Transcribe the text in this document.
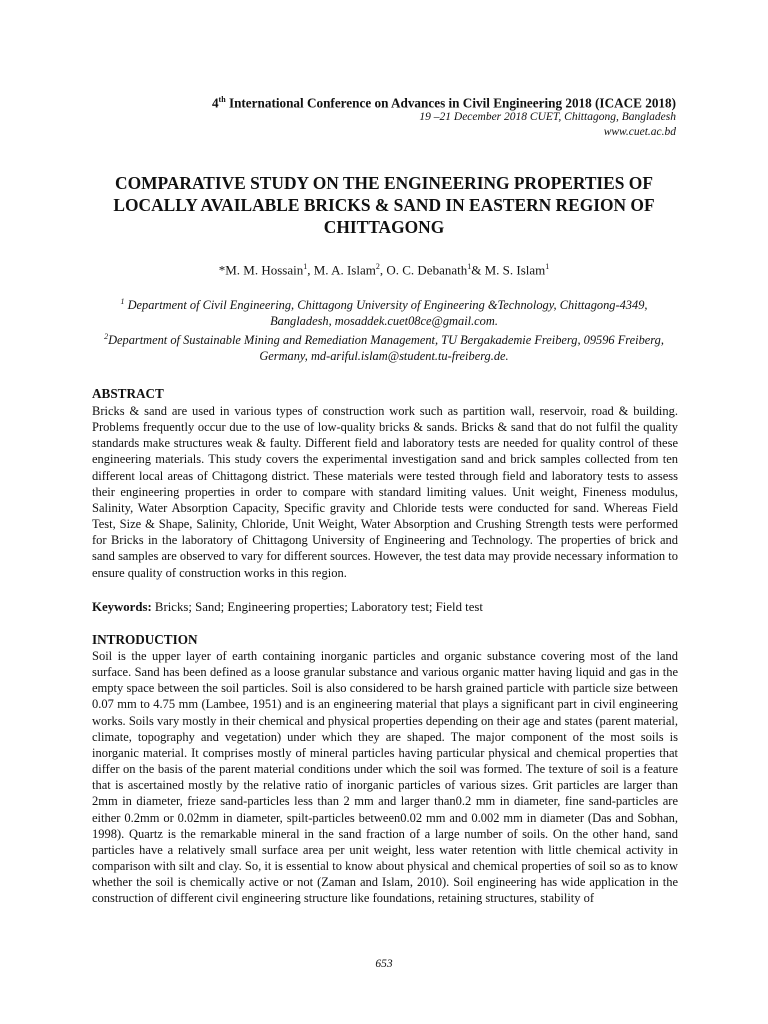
4th International Conference on Advances in Civil Engineering 2018 (ICACE 2018)
19 –21 December 2018 CUET, Chittagong, Bangladesh
www.cuet.ac.bd
COMPARATIVE STUDY ON THE ENGINEERING PROPERTIES OF LOCALLY AVAILABLE BRICKS & SAND IN EASTERN REGION OF CHITTAGONG
*M. M. Hossain$^1$, M. A. Islam$^2$, O. C. Debanath$^1$& M. S. Islam$^1$
$^1$ Department of Civil Engineering, Chittagong University of Engineering &Technology, Chittagong-4349, Bangladesh, mosaddek.cuet08ce@gmail.com.
$^2$Department of Sustainable Mining and Remediation Management, TU Bergakademie Freiberg, 09596 Freiberg, Germany, md-ariful.islam@student.tu-freiberg.de.
ABSTRACT

Bricks & sand are used in various types of construction work such as partition wall, reservoir, road & building. Problems frequently occur due to the use of low-quality bricks & sands. Bricks & sand that do not fulfil the quality standards make structures weak & faulty. Different field and laboratory tests are needed for quality control of these engineering materials. This study covers the experimental investigation sand and brick samples collected from ten different local areas of Chittagong district. These materials were tested through field and laboratory tests to assess their engineering properties in order to compare with standard limiting values. Unit weight, Fineness modulus, Salinity, Water Absorption Capacity, Specific gravity and Chloride tests were conducted for sand. Whereas Field Test, Size & Shape, Salinity, Chloride, Unit Weight, Water Absorption and Crushing Strength tests were performed for Bricks in the laboratory of Chittagong University of Engineering and Technology. The properties of brick and sand samples are observed to vary for different sources. However, the test data may provide necessary information to ensure quality of construction works in this region.

Keywords: Bricks; Sand; Engineering properties; Laboratory test; Field test
INTRODUCTION

Soil is the upper layer of earth containing inorganic particles and organic substance covering most of the land surface. Sand has been defined as a loose granular substance and various organic matter having liquid and gas in the empty space between the soil particles. Soil is also considered to be harsh grained particle with particle size between 0.07 mm to 4.75 mm (Lambee, 1951) and is an engineering material that plays a significant part in civil engineering works. Soils vary mostly in their chemical and physical properties depending on their age and states (parent material, climate, topography and vegetation) under which they are shaped. The major component of the most soils is inorganic material. It comprises mostly of mineral particles having particular physical and chemical properties that differ on the basis of the parent material conditions under which the soil was formed. The texture of soil is a feature that is ascertained mostly by the relative ratio of inorganic particles of various sizes. Grit particles are larger than 2mm in diameter, frieze sand-particles less than 2 mm and larger than0.2 mm in diameter, fine sand-particles are either 0.2mm or 0.02mm in diameter, spilt-particles between0.02 mm and 0.002 mm in diameter (Das and Sobhan, 1998). Quartz is the remarkable mineral in the sand fraction of a large number of soils. On the other hand, sand particles have a relatively small surface area per unit weight, less water retention with little chemical activity in comparison with silt and clay. So, it is essential to know about physical and chemical properties of soil so as to know whether the soil is chemically active or not (Zaman and Islam, 2010). Soil engineering has wide application in the construction of different civil engineering structure like foundations, retaining structures, stability of

653
